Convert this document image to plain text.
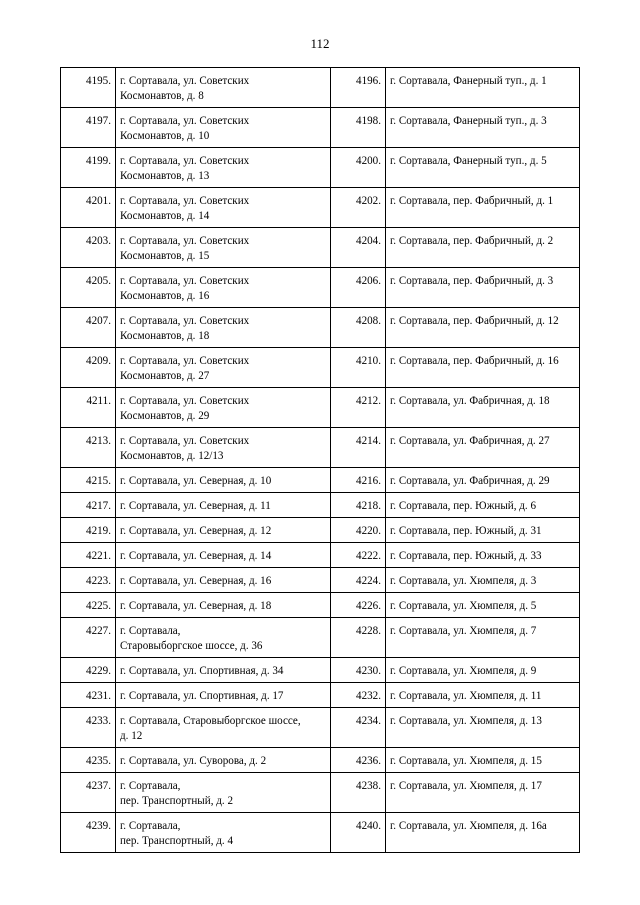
112
4195.	г. Сортавала, ул. Советских
Космонавтов, д. 8	4196.	г. Сортавала, Фанерный туп., д. 1

4197.	г. Сортавала, ул. Советских
Космонавтов, д. 10	4198.	г. Сортавала, Фанерный туп., д. 3

4199.	г. Сортавала, ул. Советских
Космонавтов, д. 13	4200.	г. Сортавала, Фанерный туп., д. 5

4201.	г. Сортавала, ул. Советских
Космонавтов, д. 14	4202.	г. Сортавала, пер. Фабричный, д. 1

4203.	г. Сортавала, ул. Советских
Космонавтов, д. 15	4204.	г. Сортавала, пер. Фабричный, д. 2

4205.	г. Сортавала, ул. Советских
Космонавтов, д. 16	4206.	г. Сортавала, пер. Фабричный, д. 3

4207.	г. Сортавала, ул. Советских
Космонавтов, д. 18	4208.	г. Сортавала, пер. Фабричный, д. 12

4209.	г. Сортавала, ул. Советских
Космонавтов, д. 27	4210.	г. Сортавала, пер. Фабричный, д. 16

4211.	г. Сортавала, ул. Советских
Космонавтов, д. 29	4212.	г. Сортавала, ул. Фабричная, д. 18

4213.	г. Сортавала, ул. Советских
Космонавтов, д. 12/13	4214.	г. Сортавала, ул. Фабричная, д. 27

4215.	г. Сортавала, ул. Северная, д. 10	4216.	г. Сортавала, ул. Фабричная, д. 29

4217.	г. Сортавала, ул. Северная, д. 11	4218.	г. Сортавала, пер. Южный, д. 6

4219.	г. Сортавала, ул. Северная, д. 12	4220.	г. Сортавала, пер. Южный, д. 31

4221.	г. Сортавала, ул. Северная, д. 14	4222.	г. Сортавала, пер. Южный, д. 33

4223.	г. Сортавала, ул. Северная, д. 16	4224.	г. Сортавала, ул. Хюмпеля, д. 3

4225.	г. Сортавала, ул. Северная, д. 18	4226.	г. Сортавала, ул. Хюмпеля, д. 5

4227.	г. Сортавала,
Старовыборгское шоссе, д. 36	4228.	г. Сортавала, ул. Хюмпеля, д. 7

4229.	г. Сортавала, ул. Спортивная, д. 34	4230.	г. Сортавала, ул. Хюмпеля, д. 9

4231.	г. Сортавала, ул. Спортивная, д. 17	4232.	г. Сортавала, ул. Хюмпеля, д. 11

4233.	г. Сортавала, Старовыборгское шоссе,
д. 12	4234.	г. Сортавала, ул. Хюмпеля, д. 13

4235.	г. Сортавала, ул. Суворова, д. 2	4236.	г. Сортавала, ул. Хюмпеля, д. 15

4237.	г. Сортавала,
пер. Транспортный, д. 2	4238.	г. Сортавала, ул. Хюмпеля, д. 17

4239.	г. Сортавала,
пер. Транспортный, д. 4	4240.	г. Сортавала, ул. Хюмпеля, д. 16а
